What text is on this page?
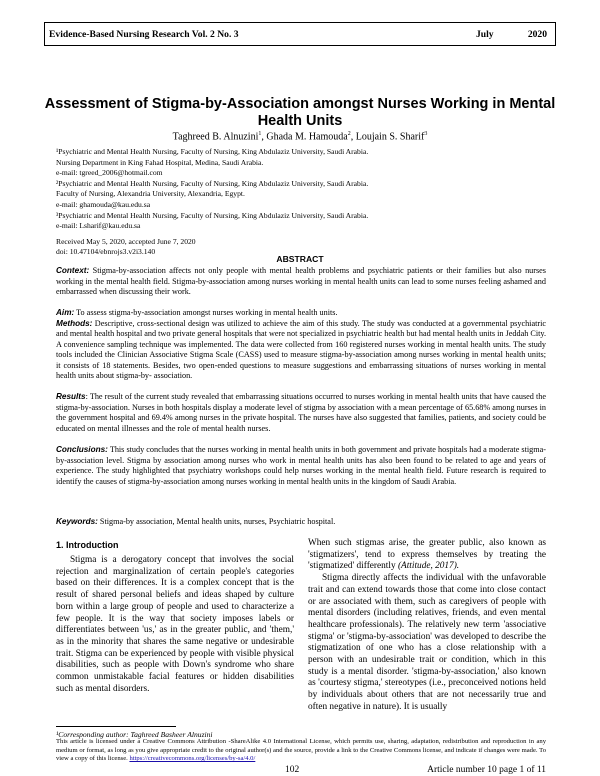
Evidence-Based Nursing Research Vol. 2 No. 3	July	2020
Assessment of Stigma-by-Association amongst Nurses Working in Mental Health Units
Taghreed B. Alnuzini$^1$, Ghada M. Hamouda$^2$, Loujain S. Sharif$^3$
¹Psychiatric and Mental Health Nursing, Faculty of Nursing, King Abdulaziz University, Saudi Arabia.
Nursing Department in King Fahad Hospital, Medina, Saudi Arabia.
e-mail: tgreed_2006@hotmail.com
²Psychiatric and Mental Health Nursing, Faculty of Nursing, King Abdulaziz University, Saudi Arabia.
Faculty of Nursing, Alexandria University, Alexandria, Egypt.
e-mail: ghamouda@kau.edu.sa
³Psychiatric and Mental Health Nursing, Faculty of Nursing, King Abdulaziz University, Saudi Arabia.
e-mail: Lsharif@kau.edu.sa
Received May 5, 2020, accepted June 7, 2020
doi: 10.47104/ebnrojs3.v2i3.140
ABSTRACT
Context: Stigma-by-association affects not only people with mental health problems and psychiatric patients or their families but also nurses working in the mental health field. Stigma-by-association among nurses working in mental health units can lead to some nurses feeling ashamed and embarrassed when discussing their work.
Aim: To assess stigma-by-association amongst nurses working in mental health units.
Methods: Descriptive, cross-sectional design was utilized to achieve the aim of this study. The study was conducted at a governmental psychiatric and mental health hospital and two private general hospitals that were not specialized in psychiatric health but had mental health units in Jeddah City. A convenience sampling technique was implemented. The data were collected from 160 registered nurses working in mental health units. The study tools included the Clinician Associative Stigma Scale (CASS) used to measure stigma-by-association among nurses working in mental health units; it consists of 18 statements. Besides, two open-ended questions to measure suggestions and embarrassing situations of nurses working in mental health units about stigma-by- association.
Results: The result of the current study revealed that embarrassing situations occurred to nurses working in mental health units that have caused the stigma-by-association. Nurses in both hospitals display a moderate level of stigma by association with a mean percentage of 65.68% among nurses in the government hospital and 69.4% among nurses in the private hospital. The nurses have also suggested that families, patients, and society could be educated on mental illnesses and the role of mental health nurses.
Conclusions: This study concludes that the nurses working in mental health units in both government and private hospitals had a moderate stigma-by-association level. Stigma by association among nurses who work in mental health units has also been found to be related to age and years of experience. The study highlighted that psychiatry workshops could help nurses working in the mental health field. Future research is required to identify the causes of stigma-by-association among nurses working in mental health units in the kingdom of Saudi Arabia.
Keywords: Stigma-by association, Mental health units, nurses, Psychiatric hospital.
1. Introduction

Stigma is a derogatory concept that involves the social rejection and marginalization of certain people's categories based on their differences. It is a complex concept that is the result of shared personal beliefs and ideas shaped by culture born within a large group of people and used to characterize a few people. It is the way that society imposes labels or differentiates between 'us,' as in the greater public, and 'them,' as in the minority that shares the same negative or undesirable trait. Stigma can be experienced by people with visible physical disabilities, such as people with Down's syndrome who share common unmistakable facial features or hidden disabilities such as mental disorders.

When such stigmas arise, the greater public, also known as 'stigmatizers', tend to express themselves by treating the 'stigmatized' differently (Attitude, 2017).

Stigma directly affects the individual with the unfavorable trait and can extend towards those that come into close contact or are associated with them, such as caregivers of people with mental disorders (including relatives, friends, and even mental healthcare professionals). The relatively new term 'associative stigma' or 'stigma-by-association' was developed to describe the stigmatization of one who has a close relationship with a person with an undesirable trait or condition, which in this study is a mental disorder. 'stigma-by-association,' also known as 'courtesy stigma,' stereotypes (i.e., preconceived notions held by individuals about others that are not necessarily true and often negative in nature). It is usually

¹Corresponding author: Taghreed Basheer Alnuzini
This article is licensed under a Creative Commons Attribution -ShareAlike 4.0 International License, which permits use, sharing, adaptation, redistribution and reproduction in any medium or format, as long as you give appropriate credit to the original author(s) and the source, provide a link to the Creative Commons license, and indicate if changes were made. To view a copy of this license. https://creativecommons.org/licenses/by-sa/4.0/
102	Article number 10 page 1 of 11
